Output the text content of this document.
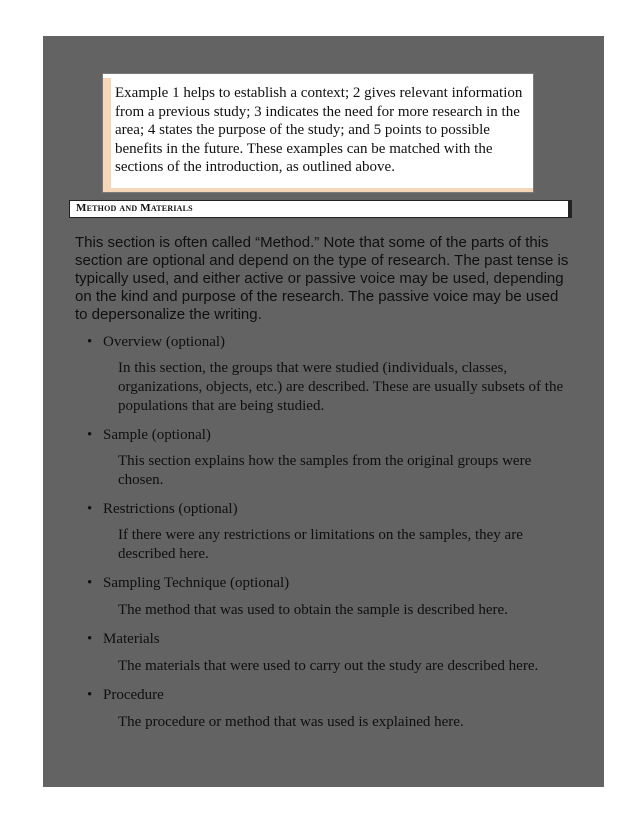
Example 1 helps to establish a context; 2 gives relevant information from a previous study; 3 indicates the need for more research in the area; 4 states the purpose of the study; and 5 points to possible benefits in the future. These examples can be matched with the sections of the introduction, as outlined above.
Method and Materials
This section is often called “Method.” Note that some of the parts of this section are optional and depend on the type of research. The past tense is typically used, and either active or passive voice may be used, depending on the kind and purpose of the research. The passive voice may be used to depersonalize the writing.
• Overview (optional)
In this section, the groups that were studied (individuals, classes, organizations, objects, etc.) are described. These are usually subsets of the populations that are being studied.
• Sample (optional)
This section explains how the samples from the original groups were chosen.
• Restrictions (optional)
If there were any restrictions or limitations on the samples, they are described here.
• Sampling Technique (optional)
The method that was used to obtain the sample is described here.
• Materials
The materials that were used to carry out the study are described here.
• Procedure
The procedure or method that was used is explained here.
